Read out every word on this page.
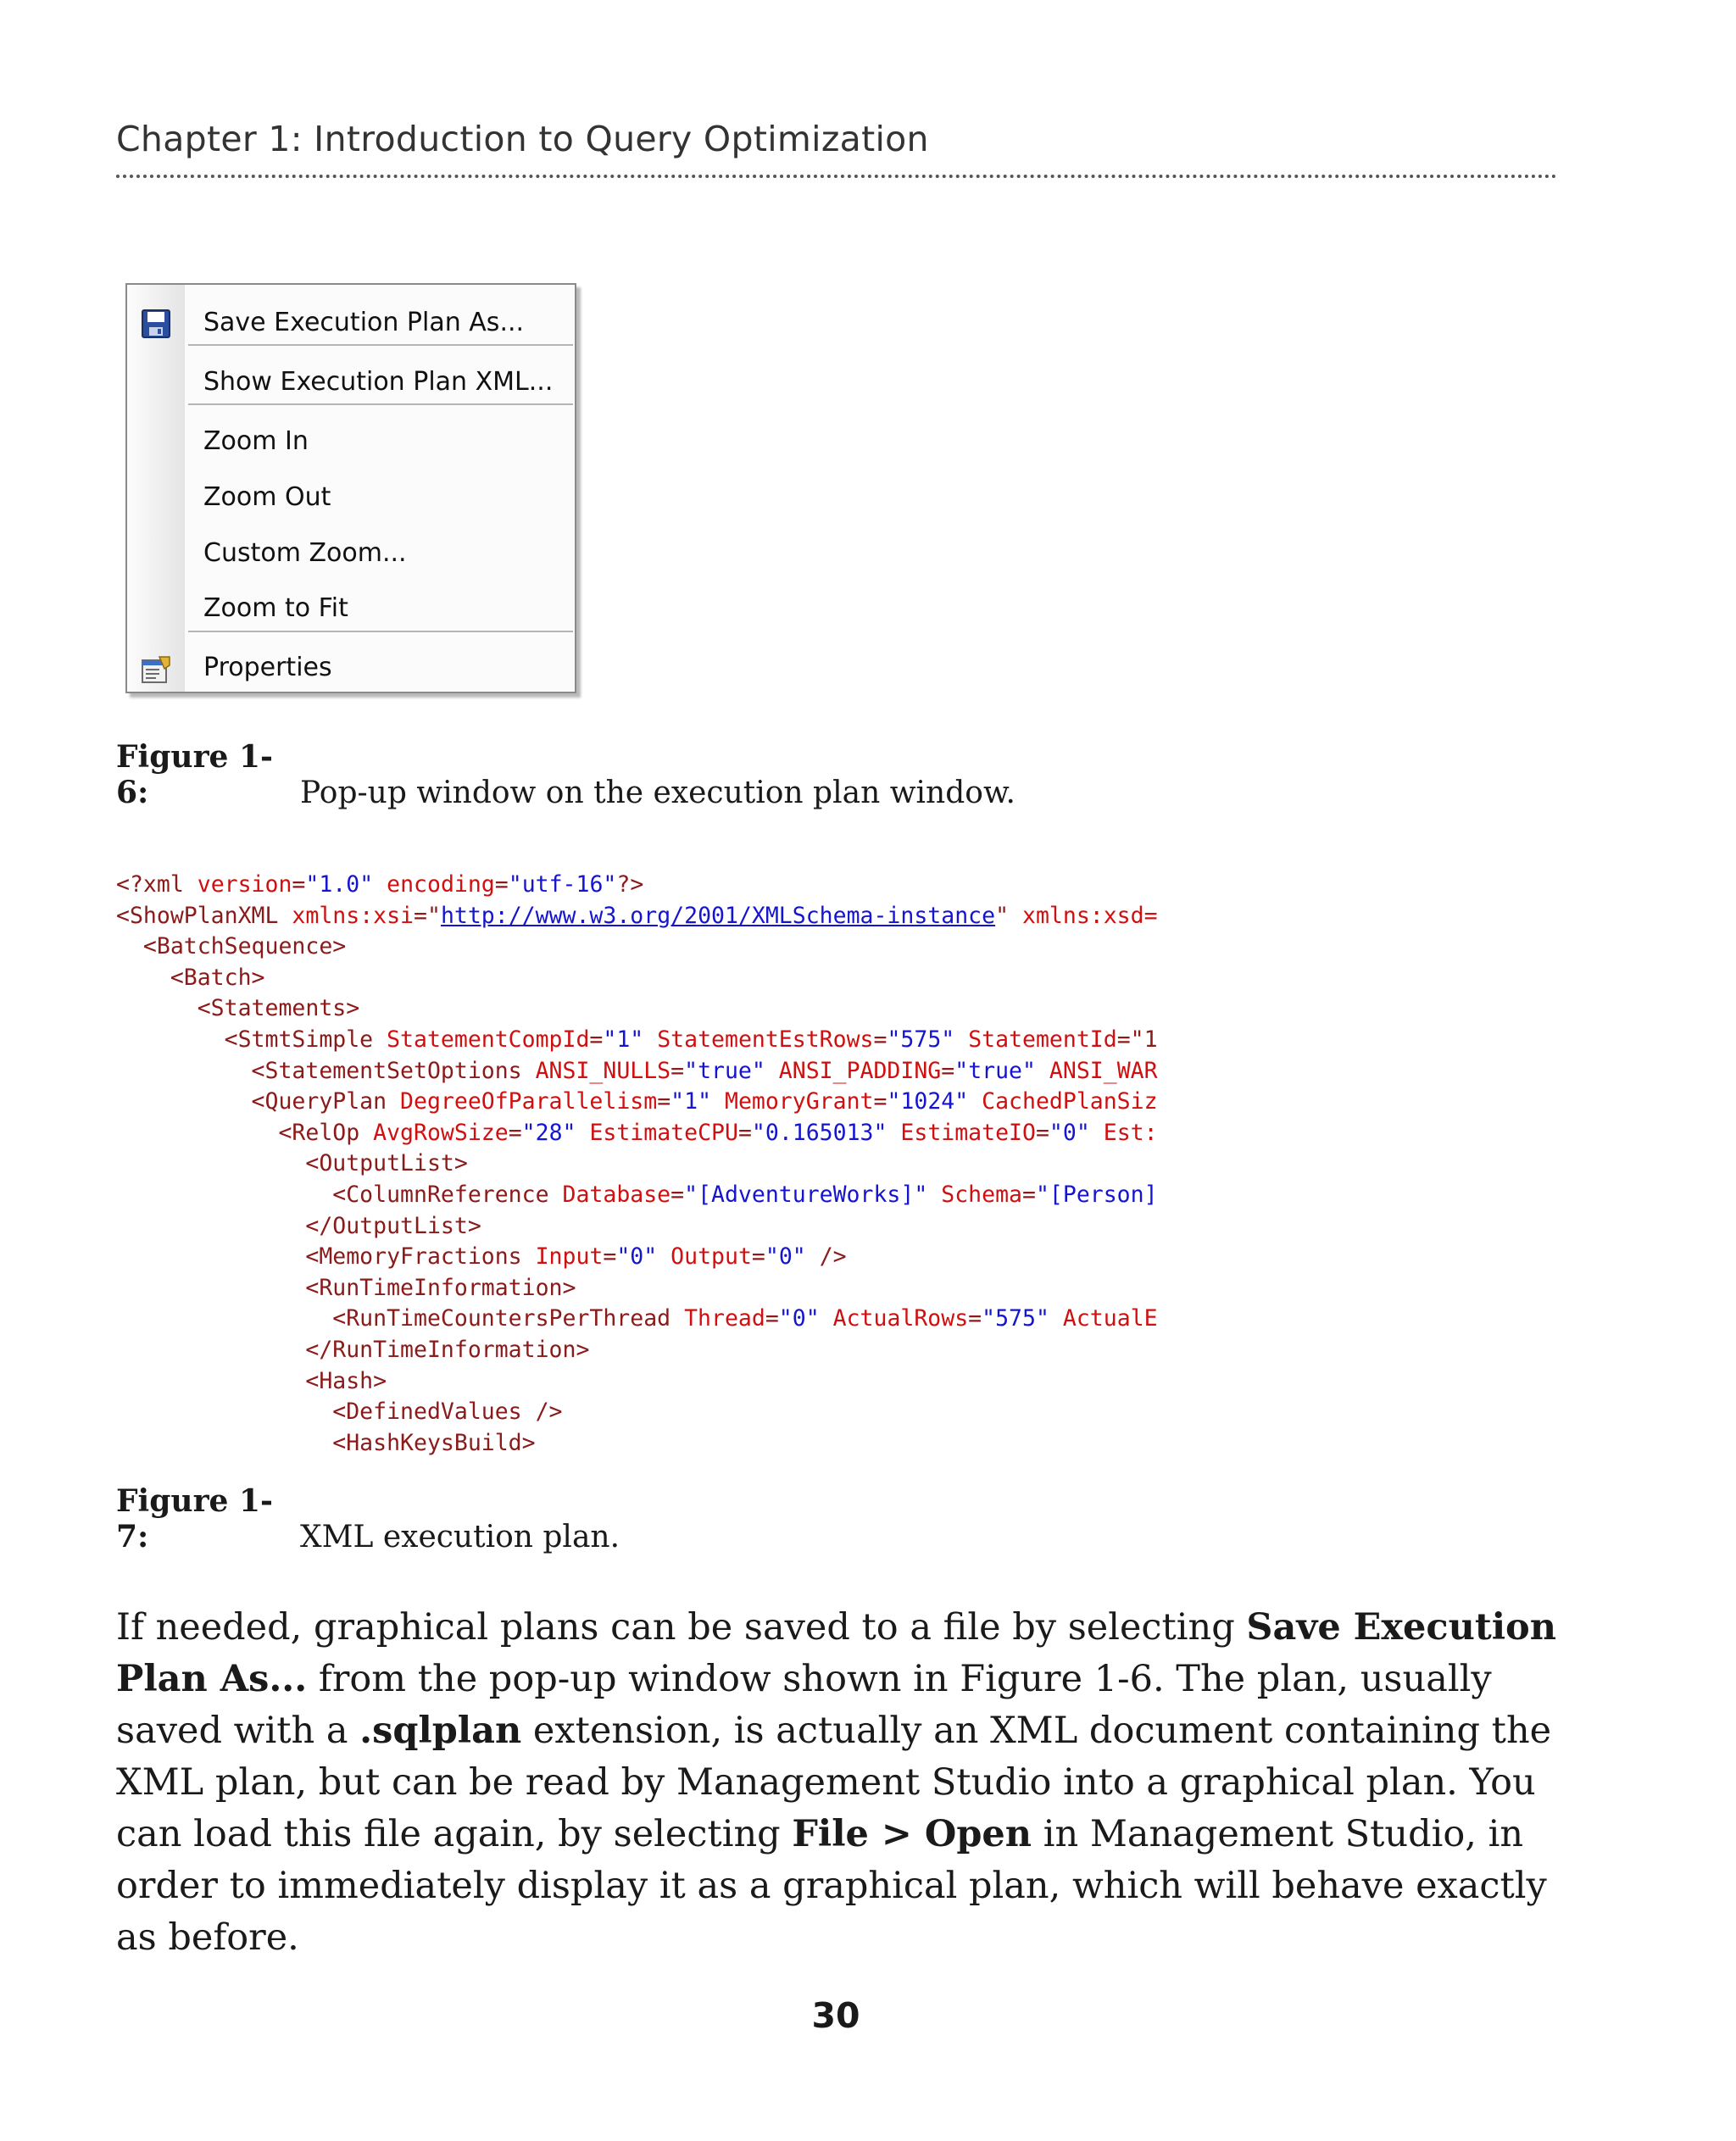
Chapter 1: Introduction to Query Optimization
Save Execution Plan As...
Show Execution Plan XML...
Zoom In
Zoom Out
Custom Zoom...
Zoom to Fit
Properties
Figure 1-6:	Pop-up window on the execution plan window.
<?xml version="1.0" encoding="utf-16"?>
<ShowPlanXML xmlns:xsi="http://www.w3.org/2001/XMLSchema-instance" xmlns:xsd=
<BatchSequence>
<Batch>
<Statements>
<StmtSimple StatementCompId="1" StatementEstRows="575" StatementId="1
<StatementSetOptions ANSI_NULLS="true" ANSI_PADDING="true" ANSI_WAR
<QueryPlan DegreeOfParallelism="1" MemoryGrant="1024" CachedPlanSiz
<RelOp AvgRowSize="28" EstimateCPU="0.165013" EstimateIO="0" Est:
<OutputList>
<ColumnReference Database="[AdventureWorks]" Schema="[Person]
</OutputList>
<MemoryFractions Input="0" Output="0" />
<RunTimeInformation>
<RunTimeCountersPerThread Thread="0" ActualRows="575" ActualE
</RunTimeInformation>
<Hash>
<DefinedValues />
<HashKeysBuild>
Figure 1-7:	XML execution plan.
If needed, graphical plans can be saved to a file by selecting Save Execution Plan As... from the pop-up window shown in Figure 1-6. The plan, usually saved with a .sqlplan extension, is actually an XML document containing the XML plan, but can be read by Management Studio into a graphical plan. You can load this file again, by selecting File > Open in Management Studio, in order to immediately display it as a graphical plan, which will behave exactly as before.
30
